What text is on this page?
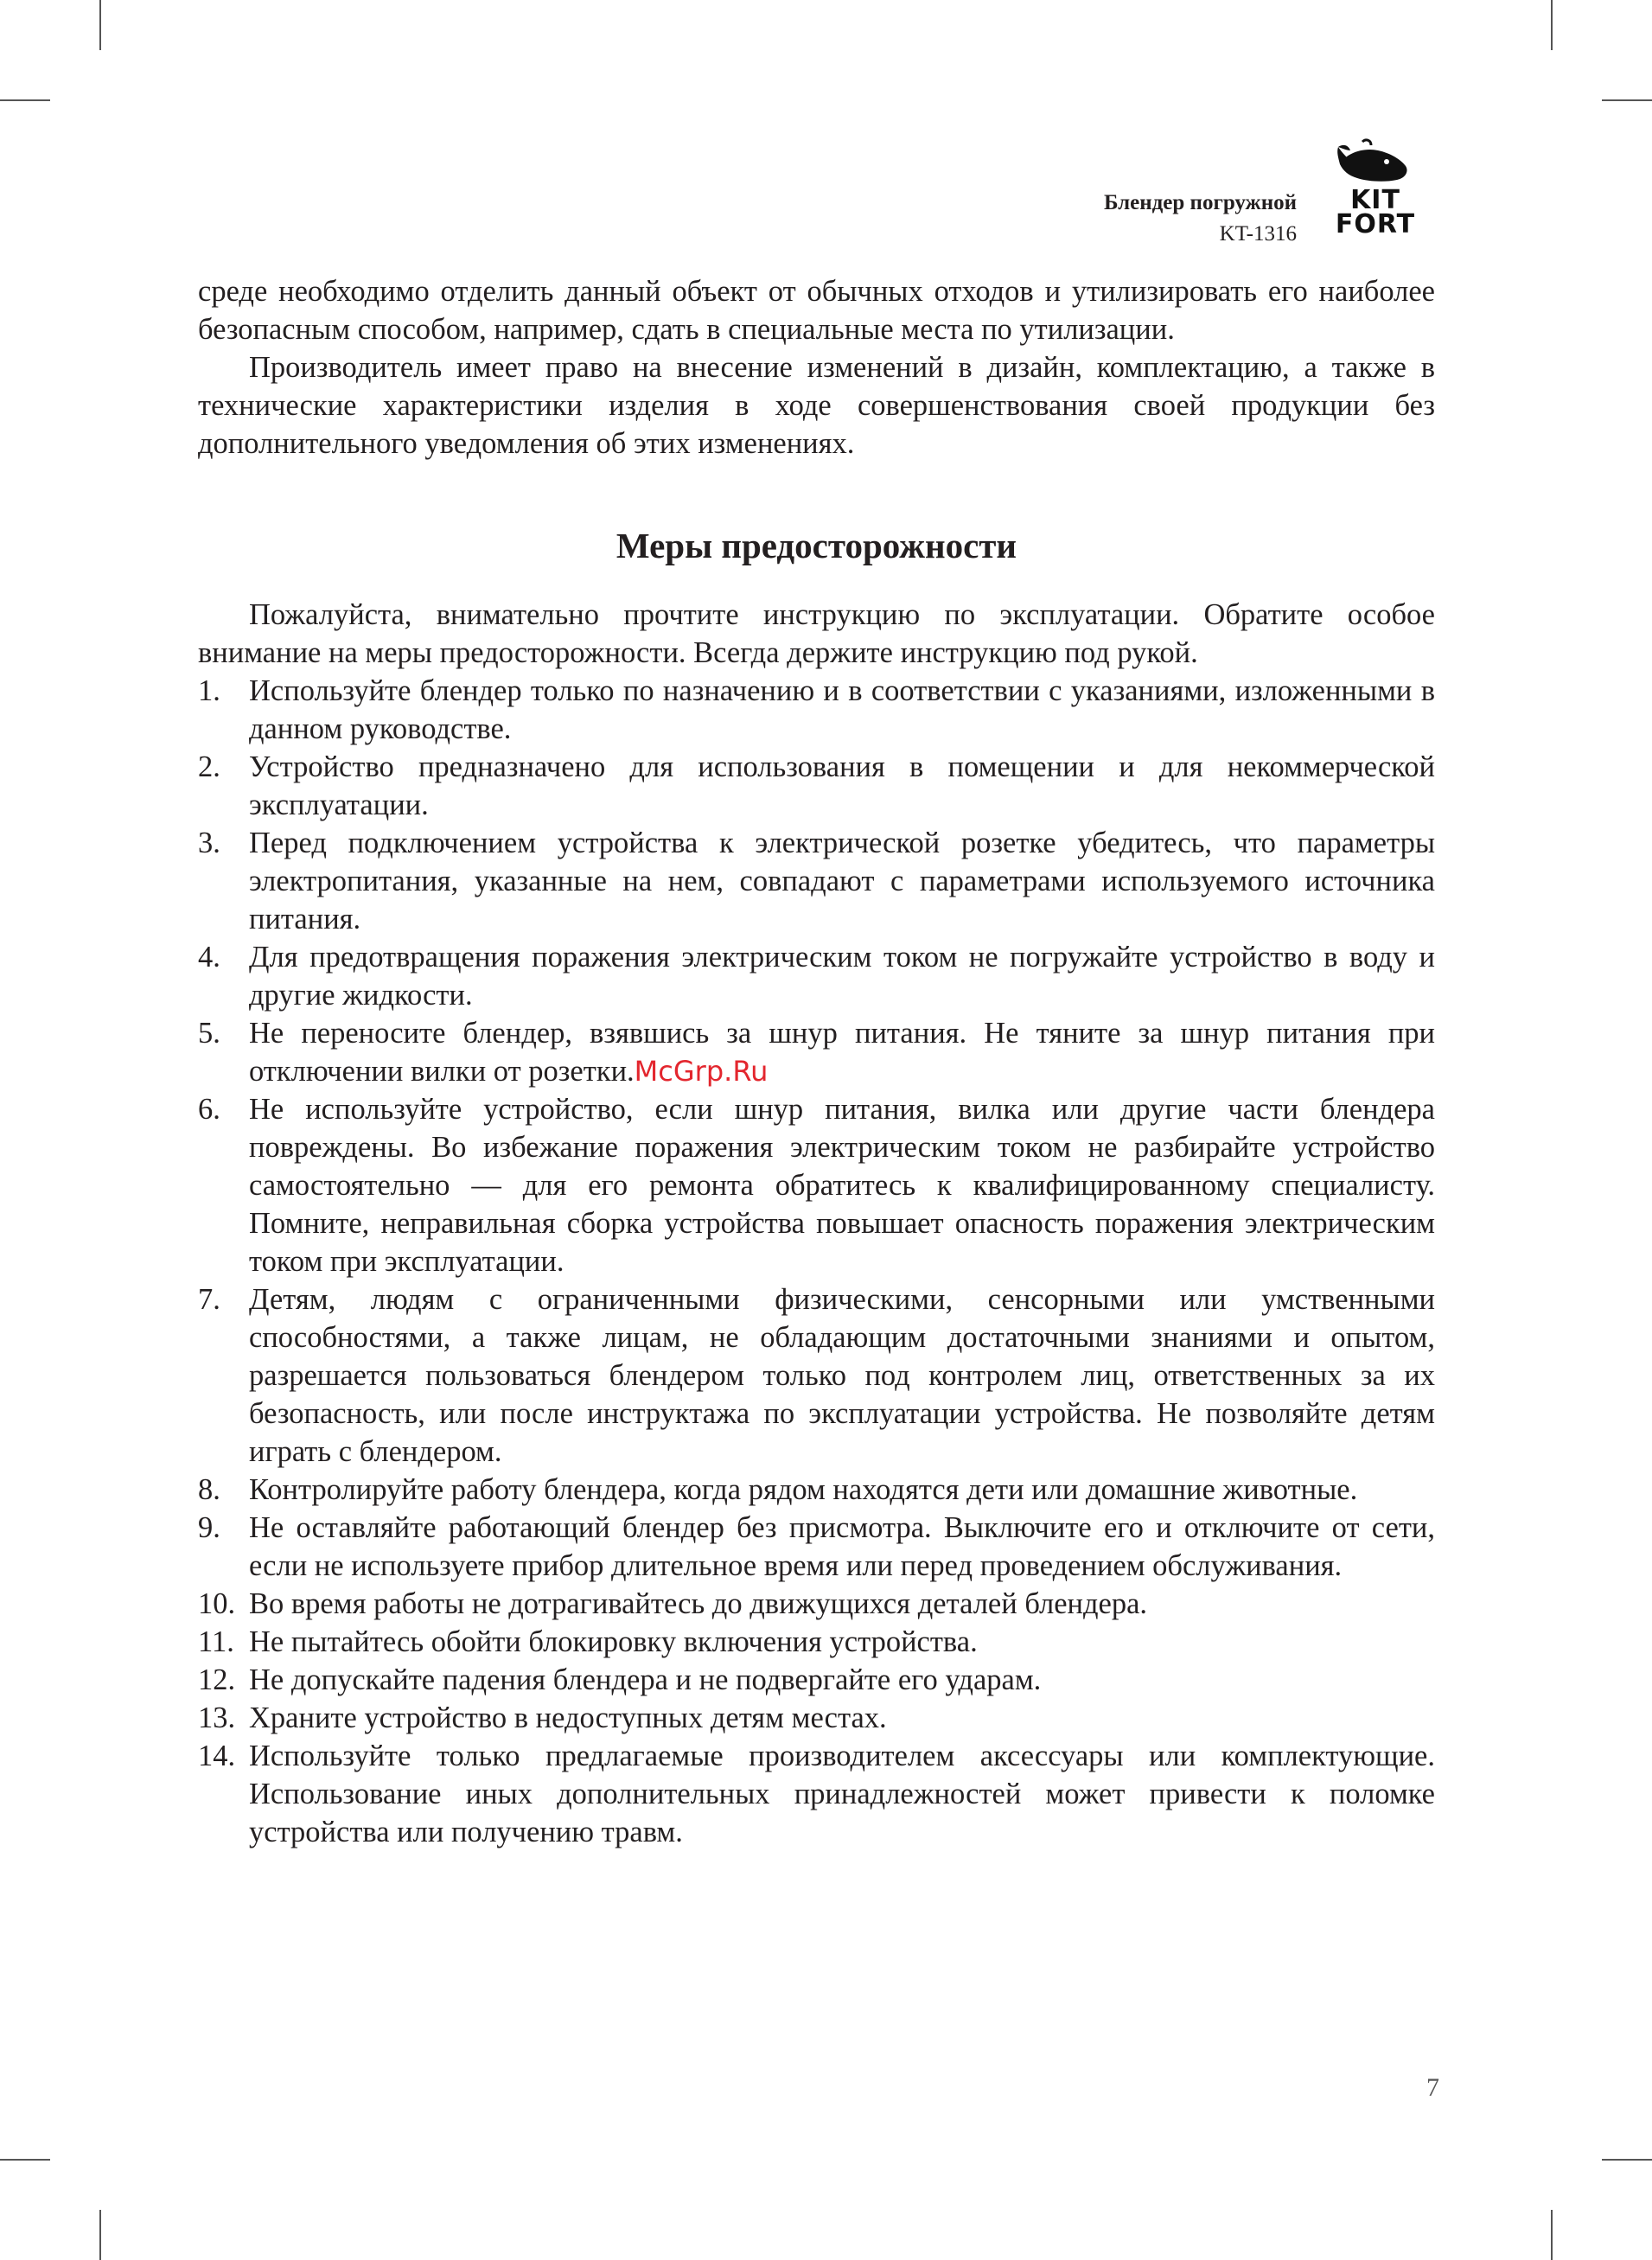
Блендер погружной
KT-1316
KIT
FORT

среде необходимо отделить данный объект от обычных отходов и утилизировать его наиболее безопасным способом, например, сдать в специальные места по утилизации.

Производитель имеет право на внесение изменений в дизайн, комплектацию, а также в технические характеристики изделия в ходе совершенствования своей продукции без дополнительного уведомления об этих изменениях.

Меры предосторожности

Пожалуйста, внимательно прочтите инструкцию по эксплуатации. Обратите особое внимание на меры предосторожности. Всегда держите инструкцию под рукой.

1. Используйте блендер только по назначению и в соответствии с указаниями, изложенными в данном руководстве.
2. Устройство предназначено для использования в помещении и для некоммерческой эксплуатации.
3. Перед подключением устройства к электрической розетке убедитесь, что параметры электропитания, указанные на нем, совпадают с параметрами используемого источника питания.
4. Для предотвращения поражения электрическим током не погружайте устройство в воду и другие жидкости.
5. Не переносите блендер, взявшись за шнур питания. Не тяните за шнур питания при отключении вилки от розетки.McGrp.Ru
6. Не используйте устройство, если шнур питания, вилка или другие части блендера повреждены. Во избежание поражения электрическим током не разбирайте устройство самостоятельно — для его ремонта обратитесь к квалифицированному специалисту. Помните, неправильная сборка устройства повышает опасность поражения электрическим током при эксплуатации.
7. Детям, людям с ограниченными физическими, сенсорными или умственными способностями, а также лицам, не обладающим достаточными знаниями и опытом, разрешается пользоваться блендером только под контролем лиц, ответственных за их безопасность, или после инструктажа по эксплуатации устройства. Не позволяйте детям играть с блендером.
8. Контролируйте работу блендера, когда рядом находятся дети или домашние животные.
9. Не оставляйте работающий блендер без присмотра. Выключите его и отключите от сети, если не используете прибор длительное время или перед проведением обслуживания.
10. Во время работы не дотрагивайтесь до движущихся деталей блендера.
11. Не пытайтесь обойти блокировку включения устройства.
12. Не допускайте падения блендера и не подвергайте его ударам.
13. Храните устройство в недоступных детям местах.
14. Используйте только предлагаемые производителем аксессуары или комплектующие. Использование иных дополнительных принадлежностей может привести к поломке устройства или получению травм.
7
